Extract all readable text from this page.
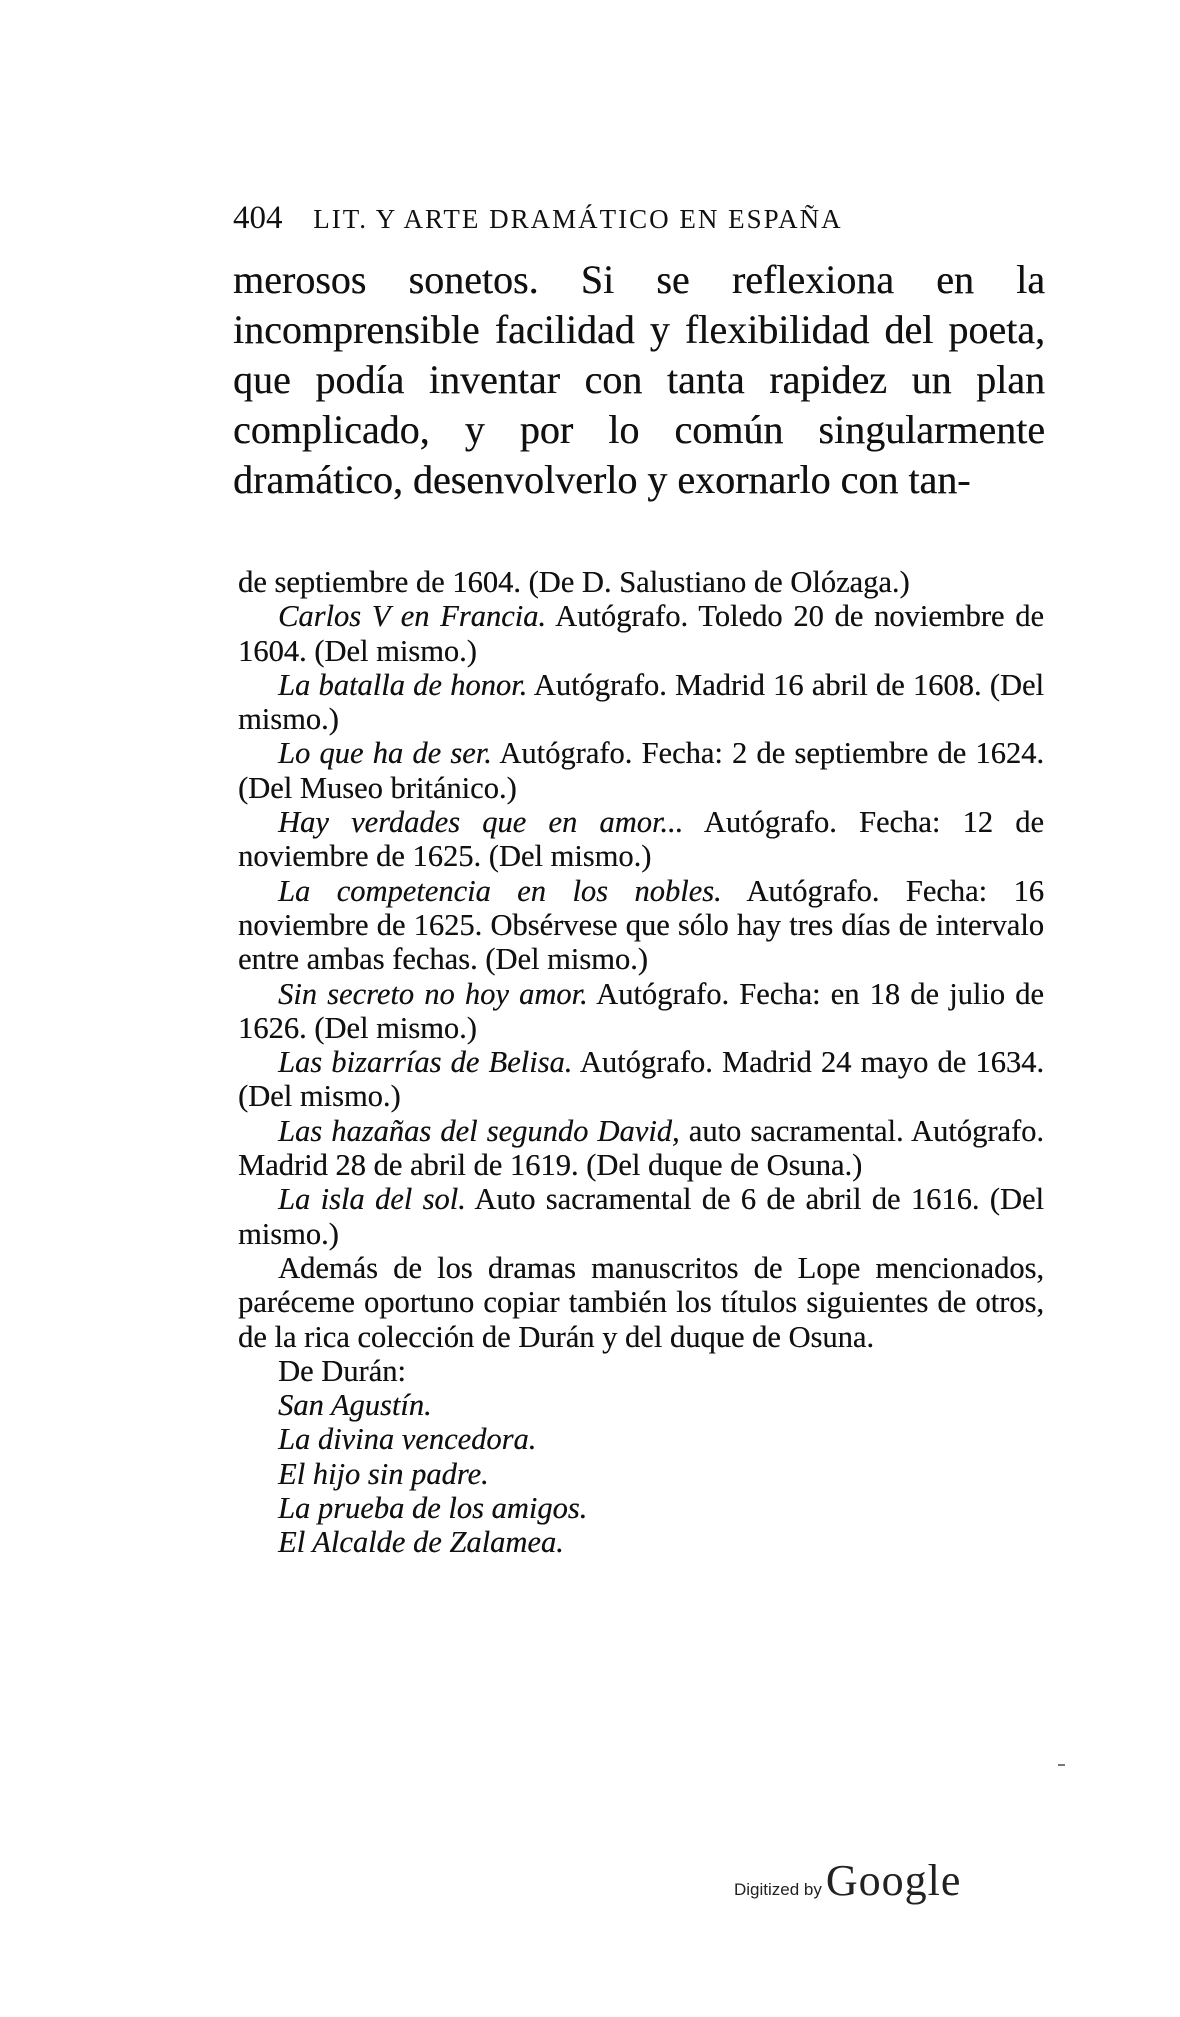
404 LIT. Y ARTE DRAMÁTICO EN ESPAÑA
merosos sonetos. Si se reflexiona en la incomprensible facilidad y flexibilidad del poeta, que podía inventar con tanta rapidez un plan complicado, y por lo común singularmente dramático, desenvolverlo y exornarlo con tan-

de septiembre de 1604. (De D. Salustiano de Olózaga.)

Carlos V en Francia. Autógrafo. Toledo 20 de noviembre de 1604. (Del mismo.)

La batalla de honor. Autógrafo. Madrid 16 abril de 1608. (Del mismo.)

Lo que ha de ser. Autógrafo. Fecha: 2 de septiembre de 1624. (Del Museo británico.)

Hay verdades que en amor... Autógrafo. Fecha: 12 de noviembre de 1625. (Del mismo.)

La competencia en los nobles. Autógrafo. Fecha: 16 noviembre de 1625. Obsérvese que sólo hay tres días de intervalo entre ambas fechas. (Del mismo.)

Sin secreto no hoy amor. Autógrafo. Fecha: en 18 de julio de 1626. (Del mismo.)

Las bizarrías de Belisa. Autógrafo. Madrid 24 mayo de 1634. (Del mismo.)

Las hazañas del segundo David, auto sacramental. Autógrafo. Madrid 28 de abril de 1619. (Del duque de Osuna.)

La isla del sol. Auto sacramental de 6 de abril de 1616. (Del mismo.)

Además de los dramas manuscritos de Lope mencionados, paréceme oportuno copiar también los títulos siguientes de otros, de la rica colección de Durán y del duque de Osuna.

De Durán:

San Agustín.

La divina vencedora.

El hijo sin padre.

La prueba de los amigos.

El Alcalde de Zalamea.

Digitized by Google
